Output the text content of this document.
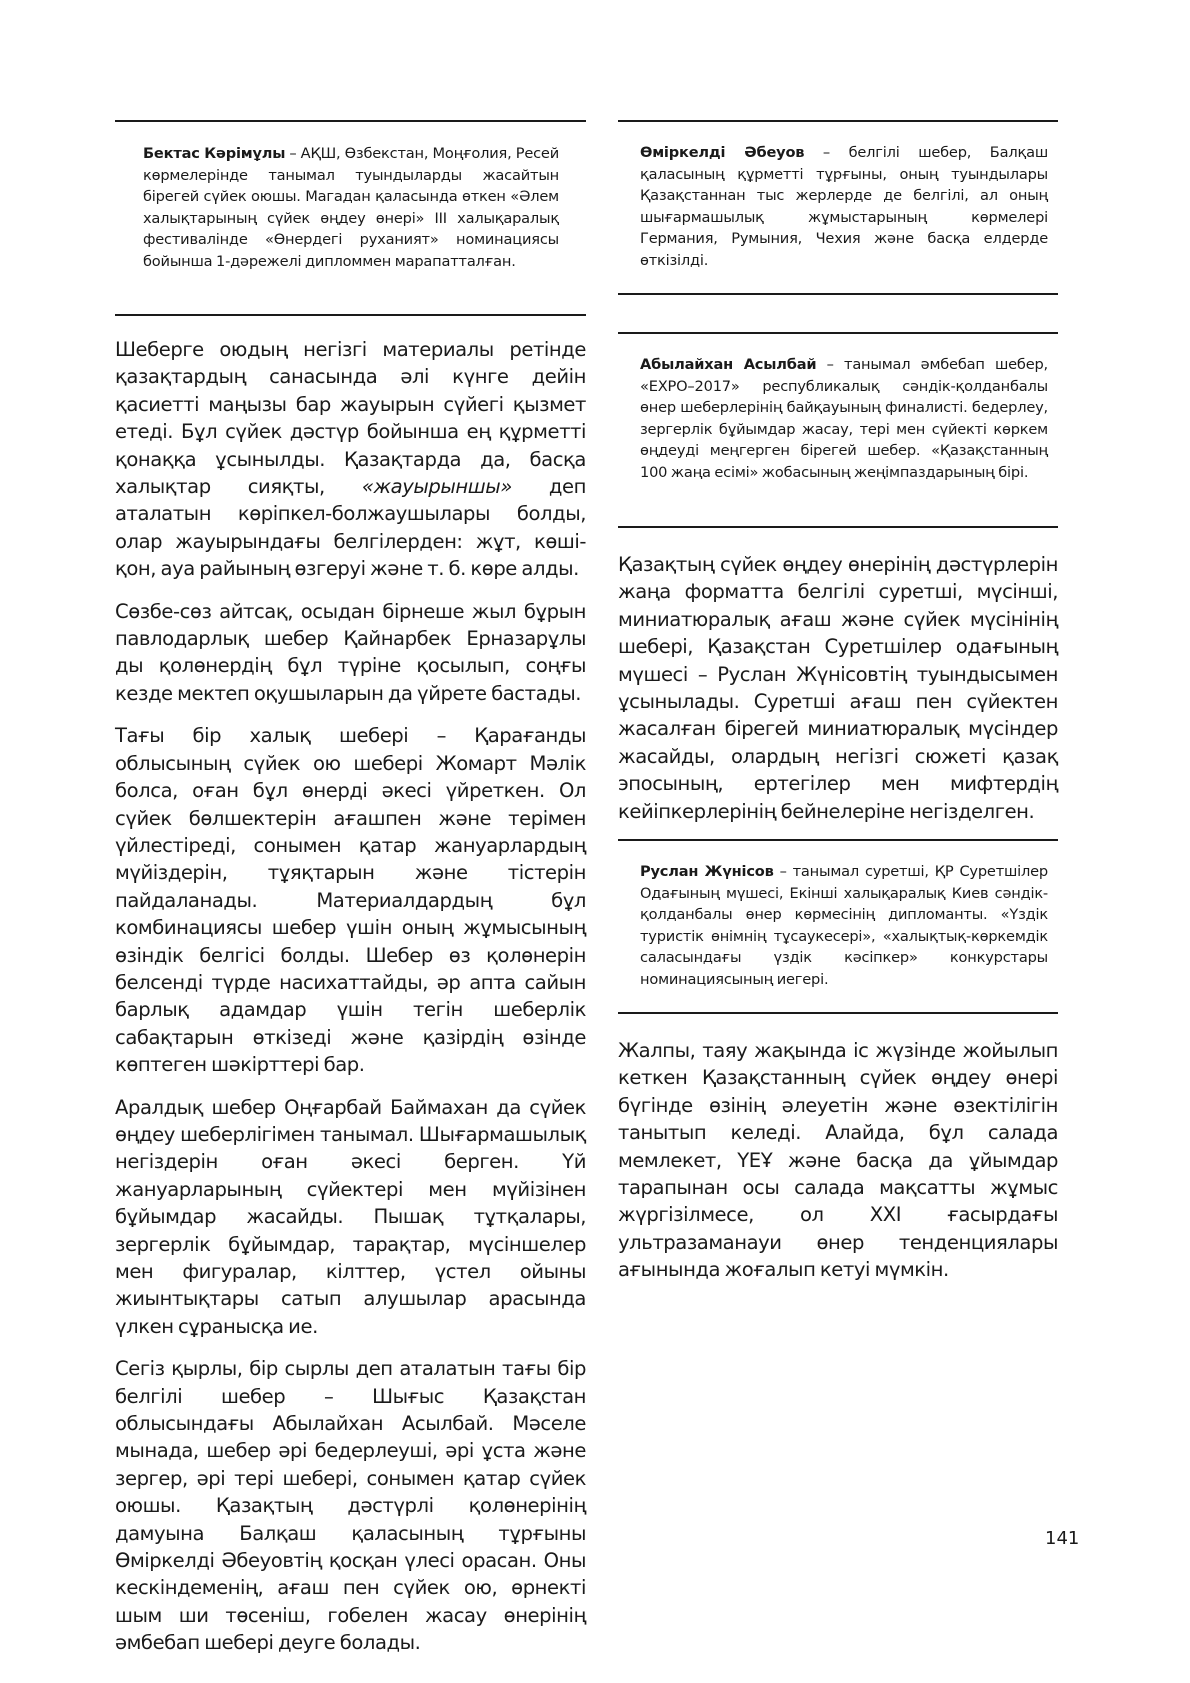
Бектас Кәрімұлы – АҚШ, Өзбекстан, Моңғолия, Ресей көрмелерінде танымал туындыларды жасайтын бірегей сүйек оюшы. Магадан қаласында өткен «Әлем халықтарының сүйек өңдеу өнері» III халықаралық фестивалінде «Өнердегі руханият» номинациясы бойынша 1-дәрежелі дипломмен марапатталған.

Шеберге оюдың негізгі материалы ретінде қазақтардың санасында әлі күнге дейін қасиетті маңызы бар жауырын сүйегі қызмет етеді. Бұл сүйек дәстүр бойынша ең құрметті қонаққа ұсынылды. Қазақтарда да, басқа халықтар сияқты, «жауырыншы» деп аталатын көріпкел-болжаушылары болды, олар жауырындағы белгілерден: жұт, көші-қон, ауа райының өзгеруі және т. б. көре алды.

Сөзбе-сөз айтсақ, осыдан бірнеше жыл бұрын павлодарлық шебер Қайнарбек Ерназарұлы ды қолөнердің бұл түріне қосылып, соңғы кезде мектеп оқушыларын да үйрете бастады.

Тағы бір халық шебері – Қарағанды облысының сүйек ою шебері Жомарт Мәлік болса, оған бұл өнерді әкесі үйреткен. Ол сүйек бөлшектерін ағашпен және терімен үйлестіреді, сонымен қатар жануарлардың мүйіздерін, тұяқтарын және тістерін пайдаланады. Материалдардың бұл комбинациясы шебер үшін оның жұмысының өзіндік белгісі болды. Шебер өз қолөнерін белсенді түрде насихаттайды, әр апта сайын барлық адамдар үшін тегін шеберлік сабақтарын өткізеді және қазірдің өзінде көптеген шәкірттері бар.

Аралдық шебер Оңғарбай Баймахан да сүйек өңдеу шеберлігімен танымал. Шығармашылық негіздерін оған әкесі берген. Үй жануарларының сүйектері мен мүйізінен бұйымдар жасайды. Пышақ тұтқалары, зергерлік бұйымдар, тарақтар, мүсіншелер мен фигуралар, кілттер, үстел ойыны жиынтықтары сатып алушылар арасында үлкен сұранысқа ие.

Сегіз қырлы, бір сырлы деп аталатын тағы бір белгілі шебер – Шығыс Қазақстан облысындағы Абылайхан Асылбай. Мәселе мынада, шебер әрі бедерлеуші, әрі ұста және зергер, әрі тері шебері, сонымен қатар сүйек оюшы. Қазақтың дәстүрлі қолөнерінің дамуына Балқаш қаласының тұрғыны Өміркелді Әбеуовтің қосқан үлесі орасан. Оны кескіндеменің, ағаш пен сүйек ою, өрнекті шым ши төсеніш, гобелен жасау өнерінің әмбебап шебері деуге болады.

Өміркелді Әбеуов – белгілі шебер, Балқаш қаласының құрметті тұрғыны, оның туындылары Қазақстаннан тыс жерлерде де белгілі, ал оның шығармашылық жұмыстарының көрмелері Германия, Румыния, Чехия және басқа елдерде өткізілді.

Абылайхан Асылбай – танымал әмбебап шебер, «EXPO–2017» республикалық сәндік-қолданбалы өнер шеберлерінің байқауының финалисті. бедерлеу, зергерлік бұйымдар жасау, тері мен сүйекті көркем өңдеуді меңгерген бірегей шебер. «Қазақстанның 100 жаңа есімі» жобасының жеңімпаздарының бірі.

Қазақтың сүйек өңдеу өнерінің дәстүрлерін жаңа форматта белгілі суретші, мүсінші, миниатюралық ағаш және сүйек мүсінінің шебері, Қазақстан Суретшілер одағының мүшесі – Руслан Жүнісовтің туындысымен ұсынылады. Суретші ағаш пен сүйектен жасалған бірегей миниатюралық мүсіндер жасайды, олардың негізгі сюжеті қазақ эпосының, ертегілер мен мифтердің кейіпкерлерінің бейнелеріне негізделген.

Руслан Жүнісов – танымал суретші, ҚР Суретшілер Одағының мүшесі, Екінші халықаралық Киев сәндік-қолданбалы өнер көрмесінің дипломанты. «Үздік туристік өнімнің тұсаукесері», «халықтық-көркемдік саласындағы үздік кәсіпкер» конкурстары номинациясының иегері.

Жалпы, таяу жақында іс жүзінде жойылып кеткен Қазақстанның сүйек өңдеу өнері бүгінде өзінің әлеуетін және өзектілігін танытып келеді. Алайда, бұл салада мемлекет, ҮЕҰ және басқа да ұйымдар тарапынан осы салада мақсатты жұмыс жүргізілмесе, ол XXI ғасырдағы ультразаманауи өнер тенденциялары ағынында жоғалып кетуі мүмкін.

141
